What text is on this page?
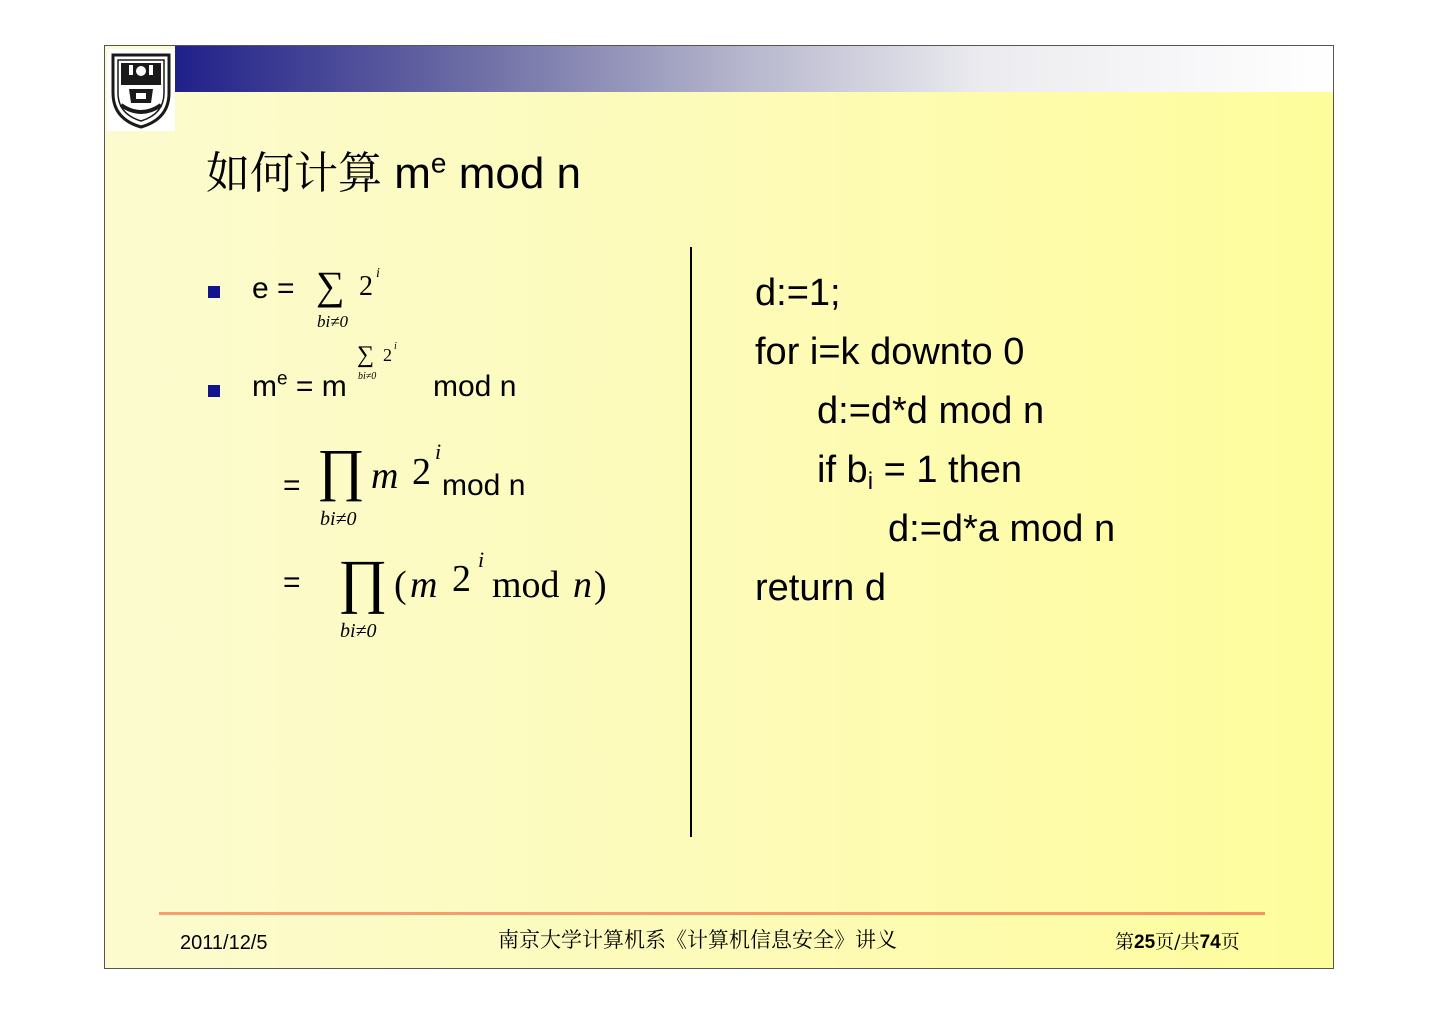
如何计算 $m^e$ mod n
e = ∑ 2 i
bi≠0
$m^e = m$
∑ 2 i
bi≠0 mod n
= ∏ m 2 i
bi≠0
mod n
= ∏ ( m 2 i
mod n )
bi≠0
d:=1;
for i=k downto 0
d:=d*d mod n
if $b_i = 1$ then
d:=d*a mod n
return d
2011/12/5	南京大学计算机系《计算机信息安全》讲义	第25页/共74页
